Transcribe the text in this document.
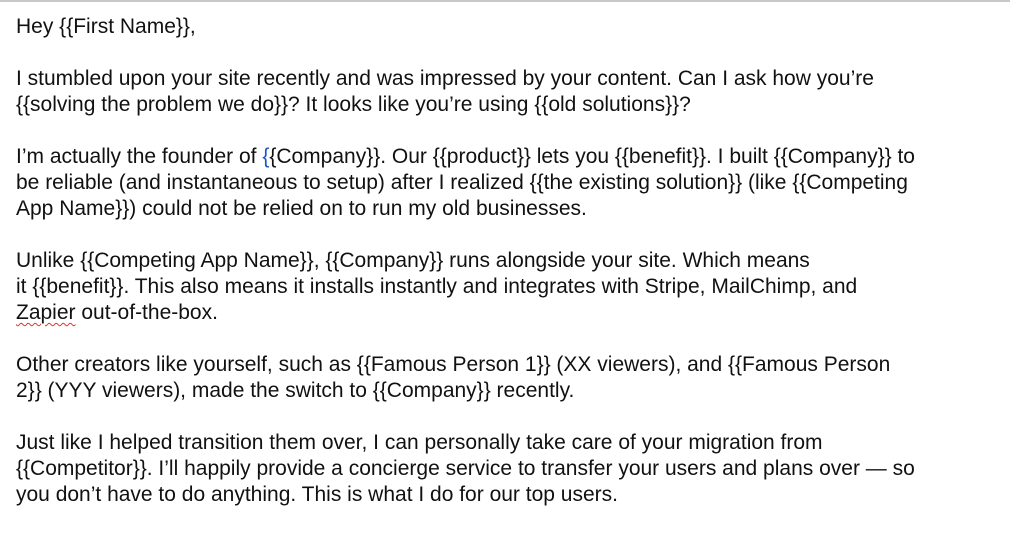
Hey {{First Name}},

I stumbled upon your site recently and was impressed by your content. Can I ask how you’re
{{solving the problem we do}}? It looks like you’re using {{old solutions}}?

I’m actually the founder of {{Company}}. Our {{product}} lets you {{benefit}}. I built {{Company}} to
be reliable (and instantaneous to setup) after I realized {{the existing solution}} (like {{Competing
App Name}}) could not be relied on to run my old businesses.

Unlike {{Competing App Name}}, {{Company}} runs alongside your site. Which means
it {{benefit}}. This also means it installs instantly and integrates with Stripe, MailChimp, and
Zapier out-of-the-box.

Other creators like yourself, such as {{Famous Person 1}} (XX viewers), and {{Famous Person
2}} (YYY viewers), made the switch to {{Company}} recently.

Just like I helped transition them over, I can personally take care of your migration from
{{Competitor}}. I’ll happily provide a concierge service to transfer your users and plans over — so
you don’t have to do anything. This is what I do for our top users.
